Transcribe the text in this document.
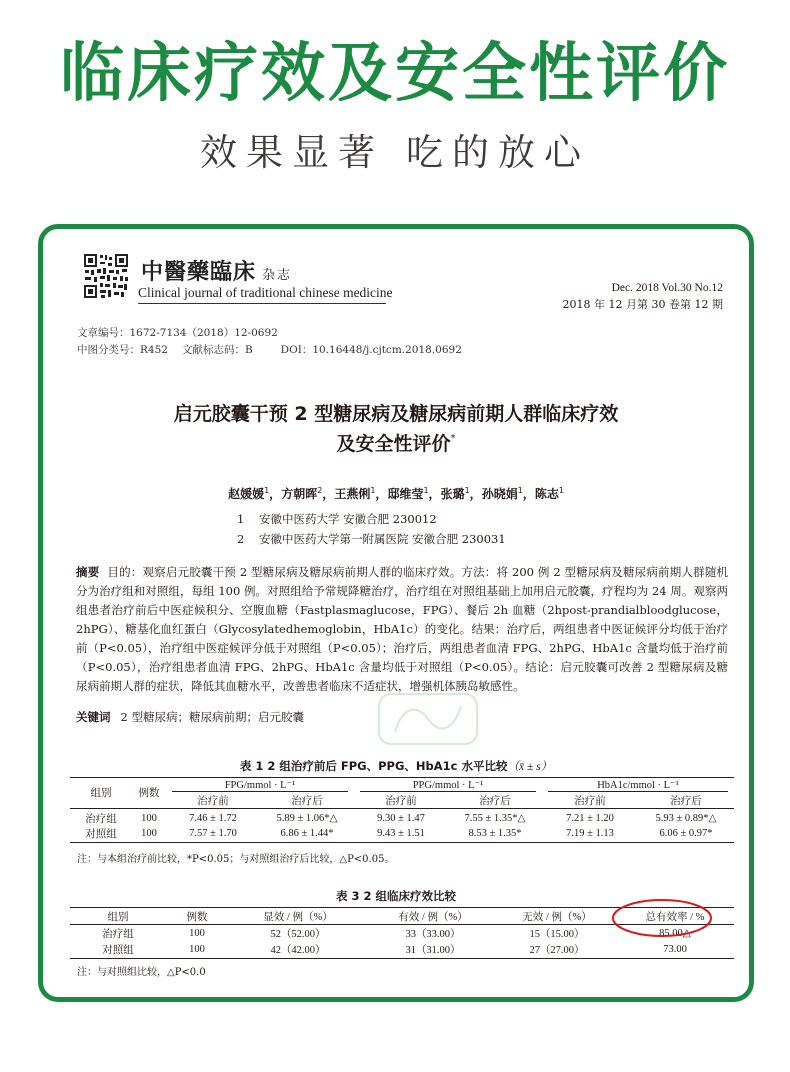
临床疗效及安全性评价
效果显著 吃的放心
中醫藥臨床 杂志
Clinical journal of traditional chinese medicine	Dec. 2018 Vol.30 No.12
2018 年 12 月第 30 卷第 12 期
文章编号：1672-7134（2018）12-0692
中图分类号：R452 文献标志码：B	DOI：10.16448/j.cjtcm.2018.0692
启元胶囊干预 2 型糖尿病及糖尿病前期人群临床疗效
及安全性评价*
赵媛媛$^1$，方朝晖$^2$，王燕俐$^1$，邸维莹$^1$，张璐$^1$，孙晓娟$^1$，陈志$^1$
1 安徽中医药大学 安徽合肥 230012
2 安徽中医药大学第一附属医院 安徽合肥 230031
摘要 目的：观察启元胶囊干预 2 型糖尿病及糖尿病前期人群的临床疗效。方法：将 200 例 2 型糖尿病及糖尿病前期人群随机分为治疗组和对照组，每组 100 例。对照组给予常规降糖治疗，治疗组在对照组基础上加用启元胶囊，疗程均为 24 周。观察两组患者治疗前后中医症候积分、空腹血糖（Fastplasmaglucose，FPG）、餐后 2h 血糖（2hpost-prandialbloodglucose，2hPG）、糖基化血红蛋白（Glycosylatedhemoglobin，HbA1c）的变化。结果：治疗后，两组患者中医证候评分均低于治疗前（P<0.05），治疗组中医症候评分低于对照组（P<0.05）；治疗后，两组患者血清 FPG、2hPG、HbA1c 含量均低于治疗前（P<0.05），治疗组患者血清 FPG、2hPG、HbA1c 含量均低于对照组（P<0.05）。结论：启元胶囊可改善 2 型糖尿病及糖尿病前期人群的症状，降低其血糖水平，改善患者临床不适症状，增强机体胰岛敏感性。
关键词 2 型糖尿病；糖尿病前期；启元胶囊
表 1 2 组治疗前后 FPG、PPG、HbA1c 水平比较（x̄ ± s）
组别	例数	FPG/mmol · L⁻¹		PPG/mmol · L⁻¹		HbA1c/mmol · L⁻¹	
		治疗前	治疗后	治疗前	治疗后	治疗前	治疗后
治疗组	100	7.46 ± 1.72	5.89 ± 1.06*△	9.30 ± 1.47	7.55 ± 1.35*△	7.21 ± 1.20	5.93 ± 0.89*△
对照组	100	7.57 ± 1.70	6.86 ± 1.44*	9.43 ± 1.51	8.53 ± 1.35*	7.19 ± 1.13	6.06 ± 0.97*
注：与本组治疗前比较，*P<0.05；与对照组治疗后比较，△P<0.05。
表 3 2 组临床疗效比较
组别	例数	显效 / 例（%）	有效 / 例（%）	无效 / 例（%）	总有效率 / %
治疗组	100	52（52.00）	33（33.00）	15（15.00）	85.00△
对照组	100	42（42.00）	31（31.00）	27（27.00）	73.00
注：与对照组比较，△P<0.0
